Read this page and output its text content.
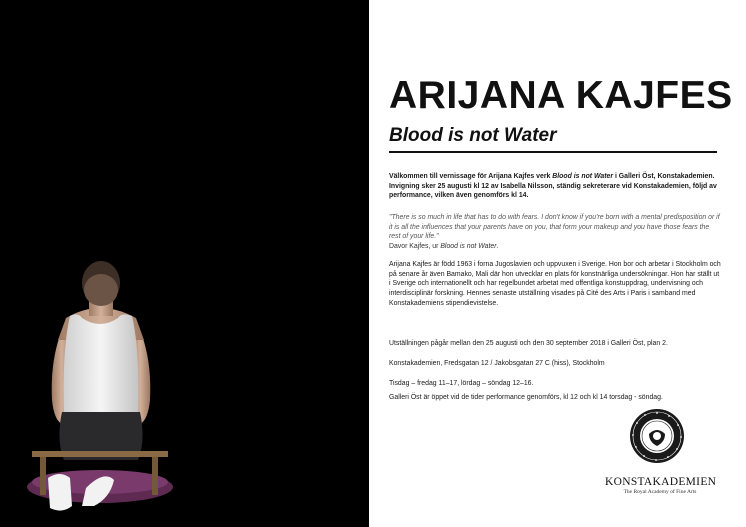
ARIJANA KAJFES
Blood is not Water

Välkommen till vernissage för Arijana Kajfes verk Blood is not Water i Galleri Öst, Konstakademien. Invigning sker 25 augusti kl 12 av Isabella Nilsson, ständig sekreterare vid Konstakademien, följd av performance, vilken även genomförs kl 14.

"There is so much in life that has to do with fears. I don't know if you're born with a mental predisposition or if it is all the influences that your parents have on you, that form your makeup and you have those fears the rest of your life."

Davor Kajfes, ur Blood is not Water.

Arijana Kajfes är född 1963 i forna Jugoslavien och uppvuxen i Sverige. Hon bor och arbetar i Stockholm och på senare år även Bamako, Mali där hon utvecklar en plats för konstnärliga undersökningar. Hon har ställt ut i Sverige och internationellt och har regelbundet arbetat med offentliga konstuppdrag, undervisning och interdisciplinär forskning. Hennes senaste utställning visades på Cité des Arts i Paris i samband med Konstakademiens stipendievistelse.

Utställningen pågår mellan den 25 augusti och den 30 september 2018 i Galleri Öst, plan 2.

Konstakademien, Fredsgatan 12 / Jakobsgatan 27 C (hiss), Stockholm

Tisdag – fredag 11–17, lördag – söndag 12–16.

Galleri Öst är öppet vid de tider performance genomförs, kl 12 och kl 14 torsdag - söndag.

KONSTAKADEMIEN
The Royal Academy of Fine Arts
